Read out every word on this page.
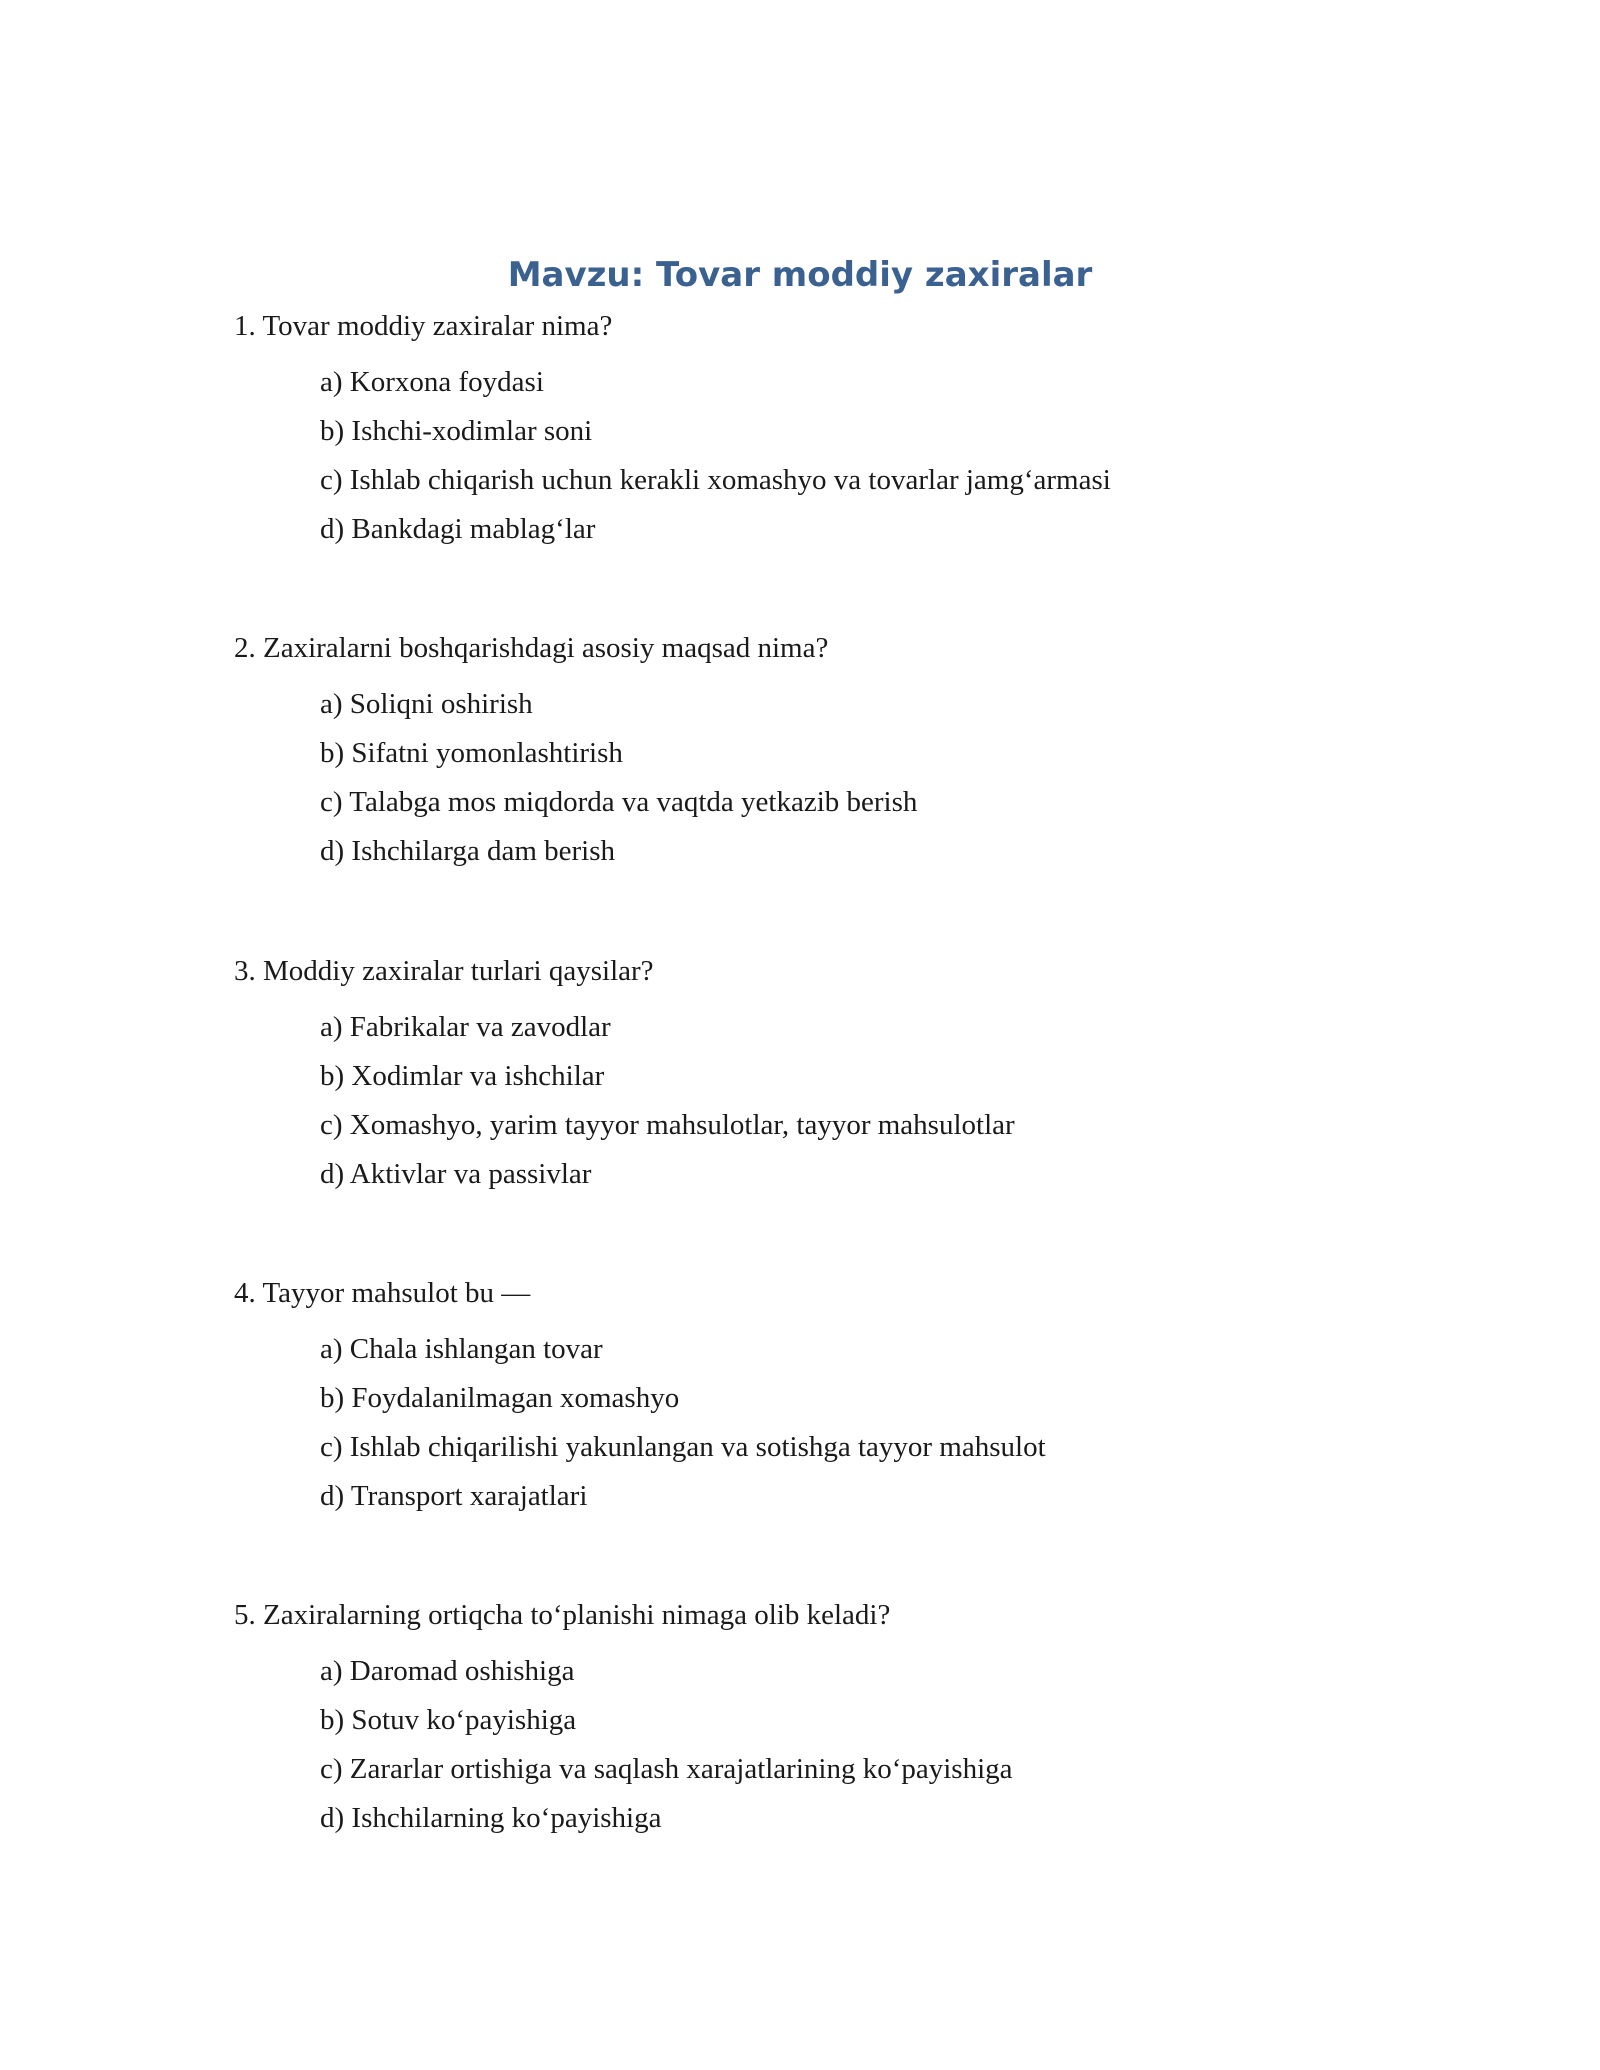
Mavzu: Tovar moddiy zaxiralar

1. Tovar moddiy zaxiralar nima?

a) Korxona foydasi
b) Ishchi-xodimlar soni
c) Ishlab chiqarish uchun kerakli xomashyo va tovarlar jamg‘armasi
d) Bankdagi mablag‘lar

2. Zaxiralarni boshqarishdagi asosiy maqsad nima?

a) Soliqni oshirish
b) Sifatni yomonlashtirish
c) Talabga mos miqdorda va vaqtda yetkazib berish
d) Ishchilarga dam berish

3. Moddiy zaxiralar turlari qaysilar?

a) Fabrikalar va zavodlar
b) Xodimlar va ishchilar
c) Xomashyo, yarim tayyor mahsulotlar, tayyor mahsulotlar
d) Aktivlar va passivlar

4. Tayyor mahsulot bu —

a) Chala ishlangan tovar
b) Foydalanilmagan xomashyo
c) Ishlab chiqarilishi yakunlangan va sotishga tayyor mahsulot
d) Transport xarajatlari

5. Zaxiralarning ortiqcha to‘planishi nimaga olib keladi?

a) Daromad oshishiga
b) Sotuv ko‘payishiga
c) Zararlar ortishiga va saqlash xarajatlarining ko‘payishiga
d) Ishchilarning ko‘payishiga
